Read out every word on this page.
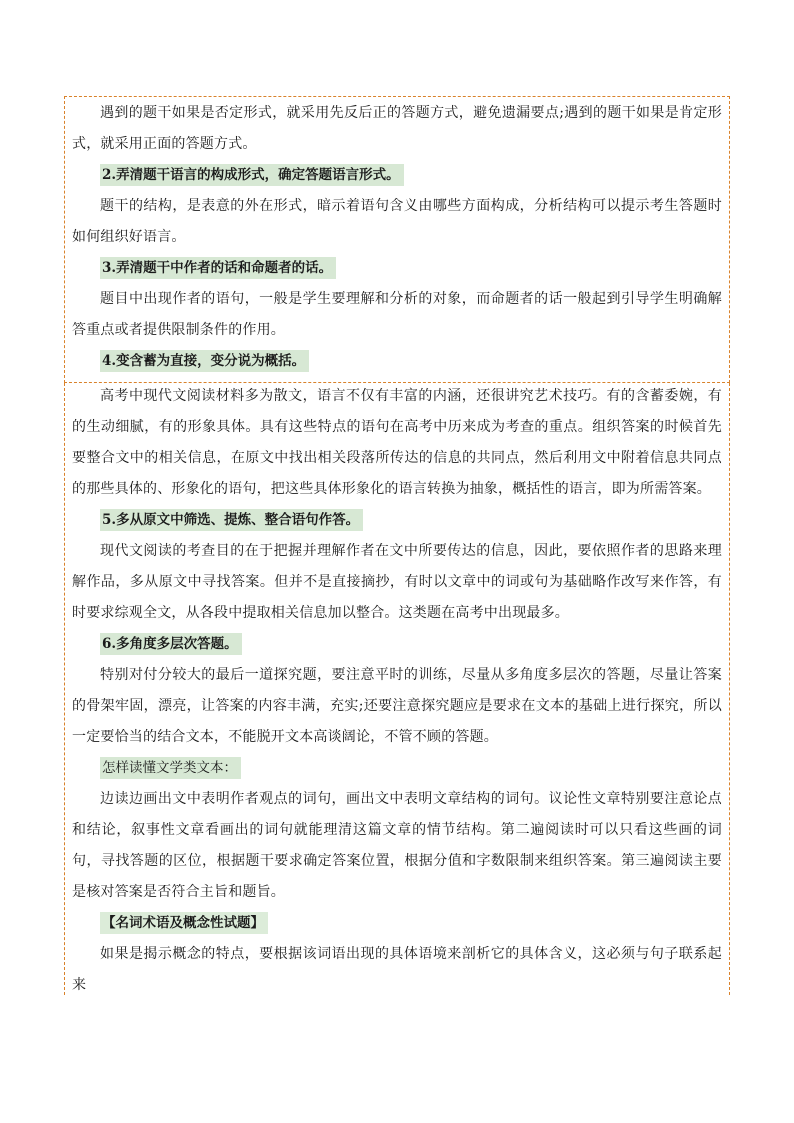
遇到的题干如果是否定形式，就采用先反后正的答题方式，避免遗漏要点;遇到的题干如果是肯定形式，就采用正面的答题方式。

2.弄清题干语言的构成形式，确定答题语言形式。

题干的结构，是表意的外在形式，暗示着语句含义由哪些方面构成，分析结构可以提示考生答题时如何组织好语言。

3.弄清题干中作者的话和命题者的话。

题目中出现作者的语句，一般是学生要理解和分析的对象，而命题者的话一般起到引导学生明确解答重点或者提供限制条件的作用。

4.变含蓄为直接，变分说为概括。

高考中现代文阅读材料多为散文，语言不仅有丰富的内涵，还很讲究艺术技巧。有的含蓄委婉，有的生动细腻，有的形象具体。具有这些特点的语句在高考中历来成为考查的重点。组织答案的时候首先要整合文中的相关信息，在原文中找出相关段落所传达的信息的共同点，然后利用文中附着信息共同点的那些具体的、形象化的语句，把这些具体形象化的语言转换为抽象，概括性的语言，即为所需答案。

5.多从原文中筛选、提炼、整合语句作答。

现代文阅读的考查目的在于把握并理解作者在文中所要传达的信息，因此，要依照作者的思路来理解作品，多从原文中寻找答案。但并不是直接摘抄，有时以文章中的词或句为基础略作改写来作答，有时要求综观全文，从各段中提取相关信息加以整合。这类题在高考中出现最多。

6.多角度多层次答题。

特别对付分较大的最后一道探究题，要注意平时的训练，尽量从多角度多层次的答题，尽量让答案的骨架牢固，漂亮，让答案的内容丰满，充实;还要注意探究题应是要求在文本的基础上进行探究，所以一定要恰当的结合文本，不能脱开文本高谈阔论，不管不顾的答题。

怎样读懂文学类文本：

边读边画出文中表明作者观点的词句，画出文中表明文章结构的词句。议论性文章特别要注意论点和结论，叙事性文章看画出的词句就能理清这篇文章的情节结构。第二遍阅读时可以只看这些画的词句，寻找答题的区位，根据题干要求确定答案位置，根据分值和字数限制来组织答案。第三遍阅读主要是核对答案是否符合主旨和题旨。

【名词术语及概念性试题】

如果是揭示概念的特点，要根据该词语出现的具体语境来剖析它的具体含义，这必须与句子联系起来
